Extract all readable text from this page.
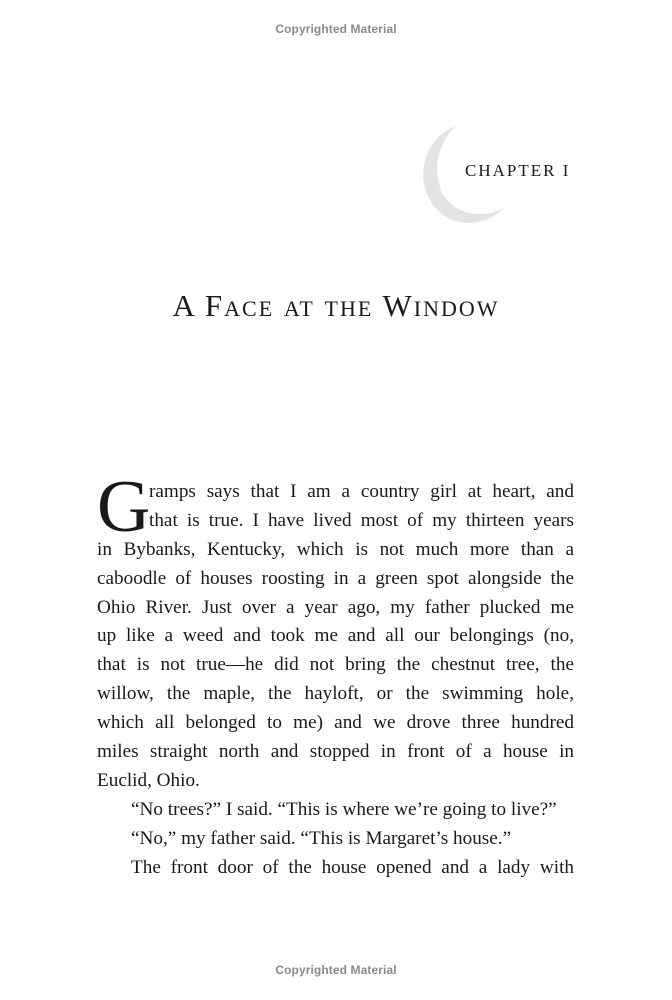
Copyrighted Material
CHAPTER I
A Face at the Window
G
ramps says that I am a country girl at heart, and
that is true. I have lived most of my thirteen years
in Bybanks, Kentucky, which is not much more than a
caboodle of houses roosting in a green spot alongside the
Ohio River. Just over a year ago, my father plucked me
up like a weed and took me and all our belongings (no,
that is not true—he did not bring the chestnut tree, the
willow, the maple, the hayloft, or the swimming hole,
which all belonged to me) and we drove three hundred
miles straight north and stopped in front of a house in
Euclid, Ohio.
“No trees?” I said. “This is where we’re going to live?”
“No,” my father said. “This is Margaret’s house.”
The front door of the house opened and a lady with
Copyrighted Material
